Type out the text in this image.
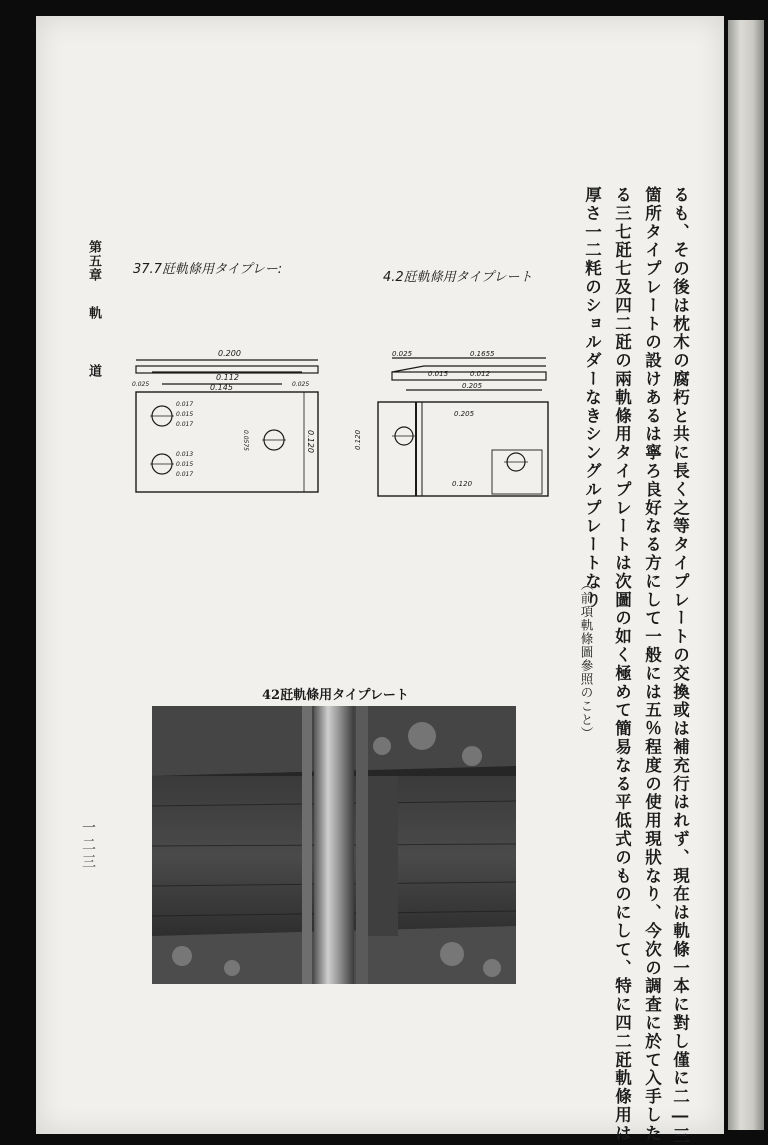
るも、その後は枕木の腐朽と共に長く之等タイプレートの交換或は補充行はれず、現在は軌條一本に對し僅に二―三
箇所タイプレートの設けあるは寧ろ良好なる方にして一般には五％程度の使用現狀なり、今次の調査に於て入手した
る三七瓩七及四二瓩の兩軌條用タイプレートは次圖の如く極めて簡易なる平低式のものにして、特に四二瓩軌條用は
厚さ一二粍のショルダーなきシングルプレートなり
（前項軌條圖參照のこと）
第五章軌道
一二三
37.7瓩軌條用タイプレー:
4.2瓩軌條用タイプレート
0.200
0.112
0.145
0.025	0.025
0.017
0.015
0.017
0.013
0.015
0.017
0.0575	0.120
0.025	0.1655
0.012
0.015
0.205
0.205
0.120
0.120
42瓩軌條用タイプレート
